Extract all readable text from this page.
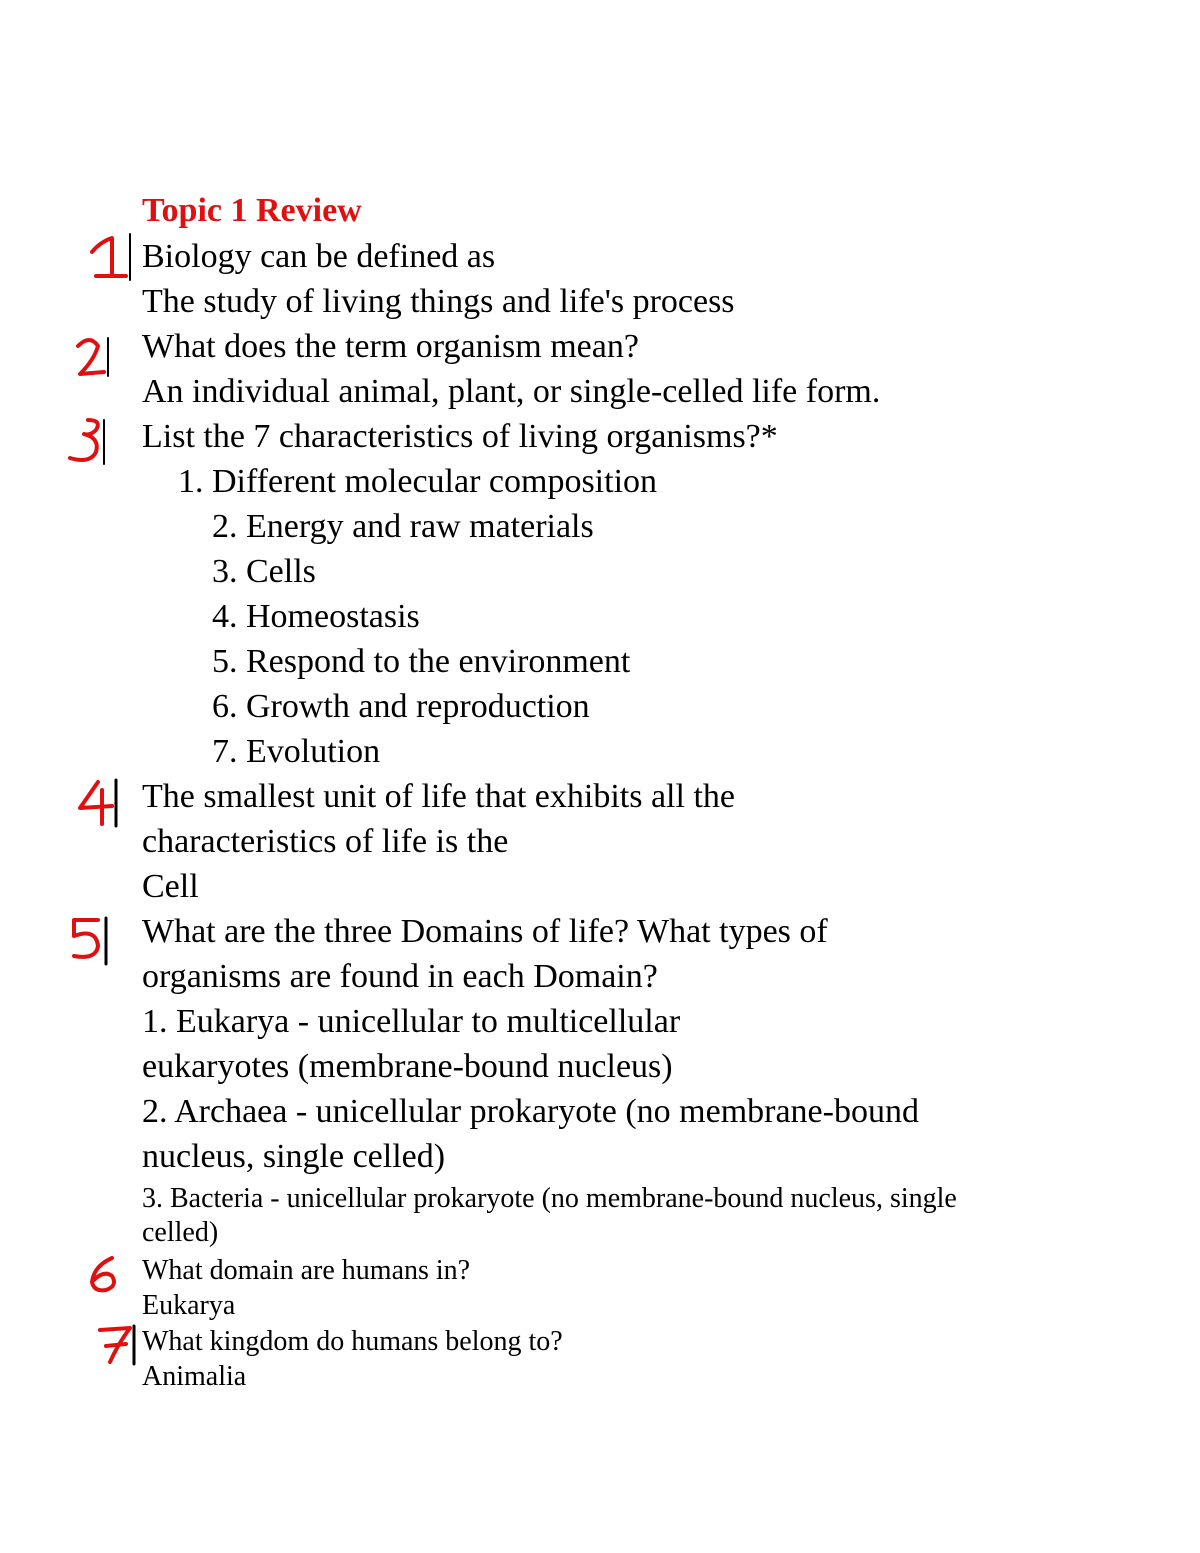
Topic 1 Review

Biology can be defined as

The study of living things and life's process

What does the term organism mean?

An individual animal, plant, or single-celled life form.

List the 7 characteristics of living organisms?*

1. Different molecular composition

2. Energy and raw materials

3. Cells

4. Homeostasis

5. Respond to the environment

6. Growth and reproduction

7. Evolution

The smallest unit of life that exhibits all the

characteristics of life is the

Cell

What are the three Domains of life? What types of

organisms are found in each Domain?

1. Eukarya - unicellular to multicellular

eukaryotes (membrane-bound nucleus)

2. Archaea - unicellular prokaryote (no membrane-bound

nucleus, single celled)

3. Bacteria - unicellular prokaryote (no membrane-bound nucleus, single

celled)

What domain are humans in?

Eukarya

What kingdom do humans belong to?

Animalia
